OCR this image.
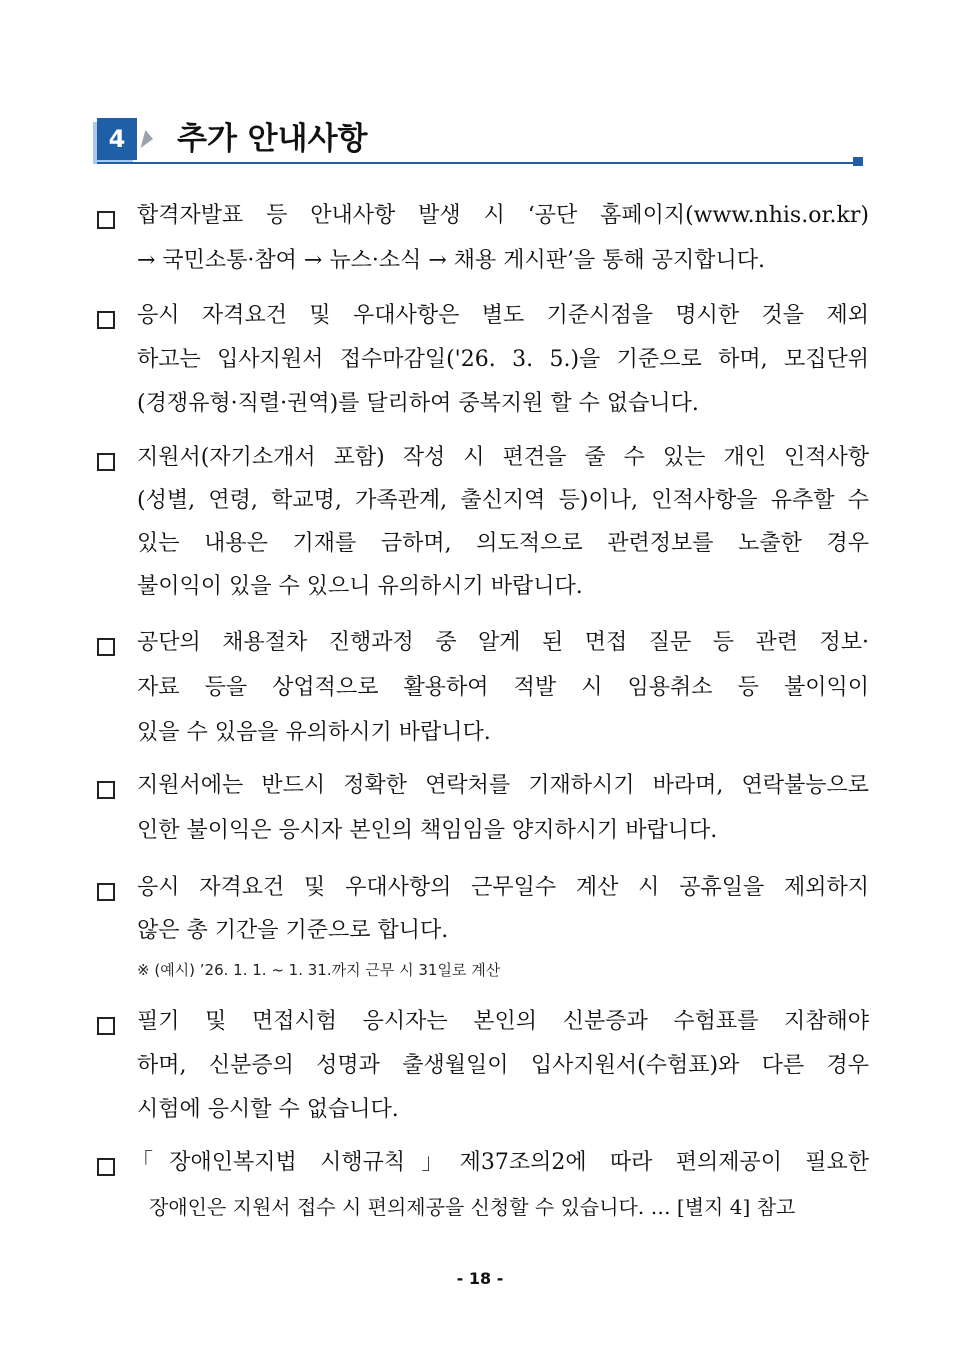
4	추가 안내사항
합격자발표 등 안내사항 발생 시 ‘공단 홈페이지(www.nhis.or.kr)
→ 국민소통·참여 → 뉴스·소식 → 채용 게시판’을 통해 공지합니다.
응시 자격요건 및 우대사항은 별도 기준시점을 명시한 것을 제외
하고는 입사지원서 접수마감일('26. 3. 5.)을 기준으로 하며, 모집단위
(경쟁유형·직렬·권역)를 달리하여 중복지원 할 수 없습니다.
지원서(자기소개서 포함) 작성 시 편견을 줄 수 있는 개인 인적사항
(성별, 연령, 학교명, 가족관계, 출신지역 등)이나, 인적사항을 유추할 수
있는 내용은 기재를 금하며, 의도적으로 관련정보를 노출한 경우
불이익이 있을 수 있으니 유의하시기 바랍니다.
공단의 채용절차 진행과정 중 알게 된 면접 질문 등 관련 정보·
자료 등을 상업적으로 활용하여 적발 시 임용취소 등 불이익이
있을 수 있음을 유의하시기 바랍니다.
지원서에는 반드시 정확한 연락처를 기재하시기 바라며, 연락불능으로
인한 불이익은 응시자 본인의 책임임을 양지하시기 바랍니다.
응시 자격요건 및 우대사항의 근무일수 계산 시 공휴일을 제외하지
않은 총 기간을 기준으로 합니다.
※ (예시) ’26. 1. 1. ~ 1. 31.까지 근무 시 31일로 계산
필기 및 면접시험 응시자는 본인의 신분증과 수험표를 지참해야
하며, 신분증의 성명과 출생월일이 입사지원서(수험표)와 다른 경우
시험에 응시할 수 없습니다.
「장애인복지법 시행규칙」제37조의2에 따라 편의제공이 필요한
장애인은 지원서 접수 시 편의제공을 신청할 수 있습니다. … [별지 4] 참고
- 18 -
